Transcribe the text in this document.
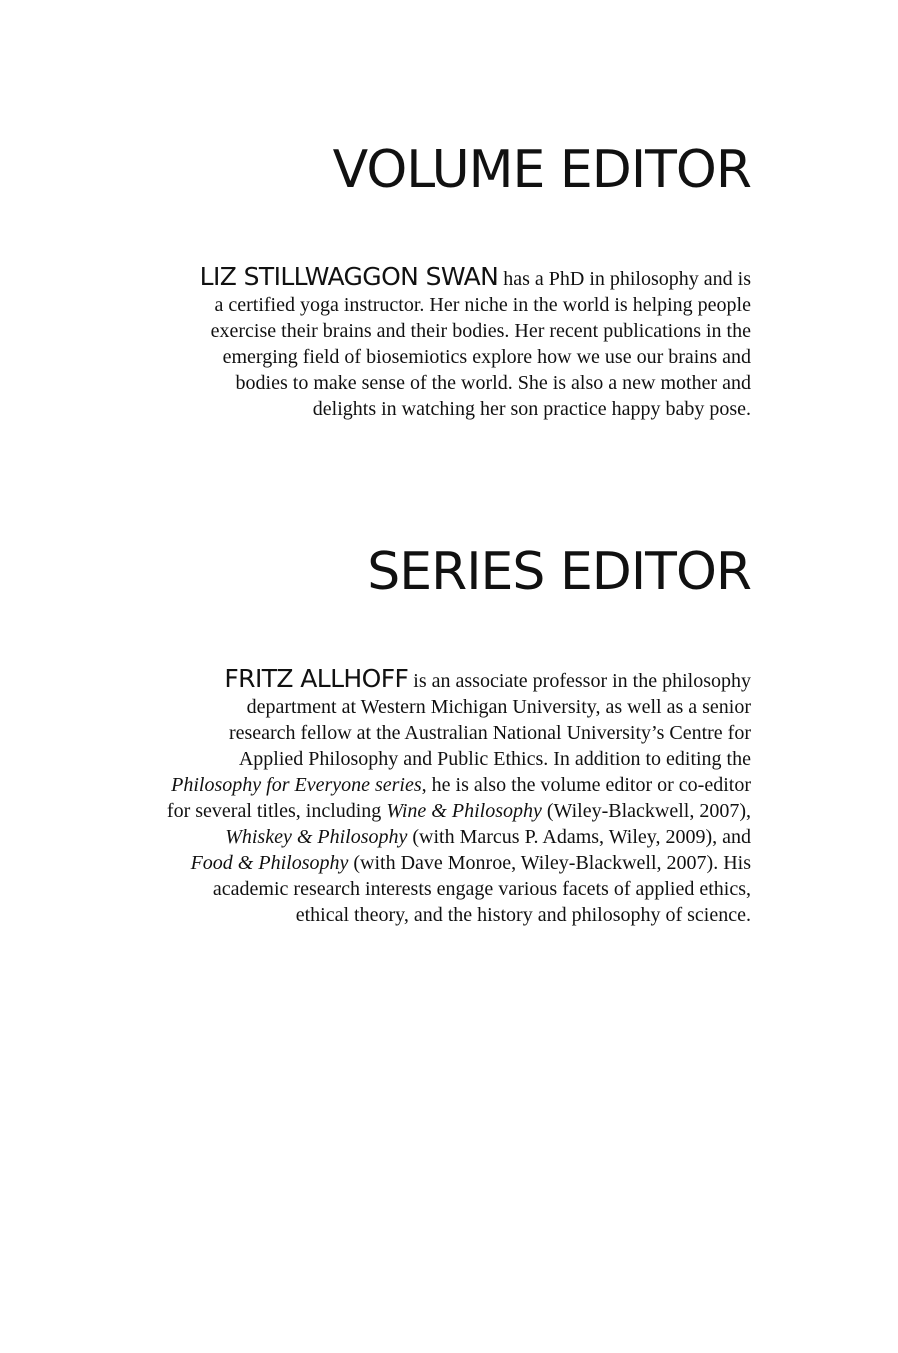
VOLUME EDITOR

LIZ STILLWAGGON SWAN has a PhD in philosophy and is
a certified yoga instructor. Her niche in the world is helping people
exercise their brains and their bodies. Her recent publications in the
emerging field of biosemiotics explore how we use our brains and
bodies to make sense of the world. She is also a new mother and
delights in watching her son practice happy baby pose.

SERIES EDITOR

FRITZ ALLHOFF is an associate professor in the philosophy
department at Western Michigan University, as well as a senior
research fellow at the Australian National University’s Centre for
Applied Philosophy and Public Ethics. In addition to editing the
Philosophy for Everyone series, he is also the volume editor or co-editor
for several titles, including Wine & Philosophy (Wiley-Blackwell, 2007),
Whiskey & Philosophy (with Marcus P. Adams, Wiley, 2009), and
Food & Philosophy (with Dave Monroe, Wiley-Blackwell, 2007). His
academic research interests engage various facets of applied ethics,
ethical theory, and the history and philosophy of science.
